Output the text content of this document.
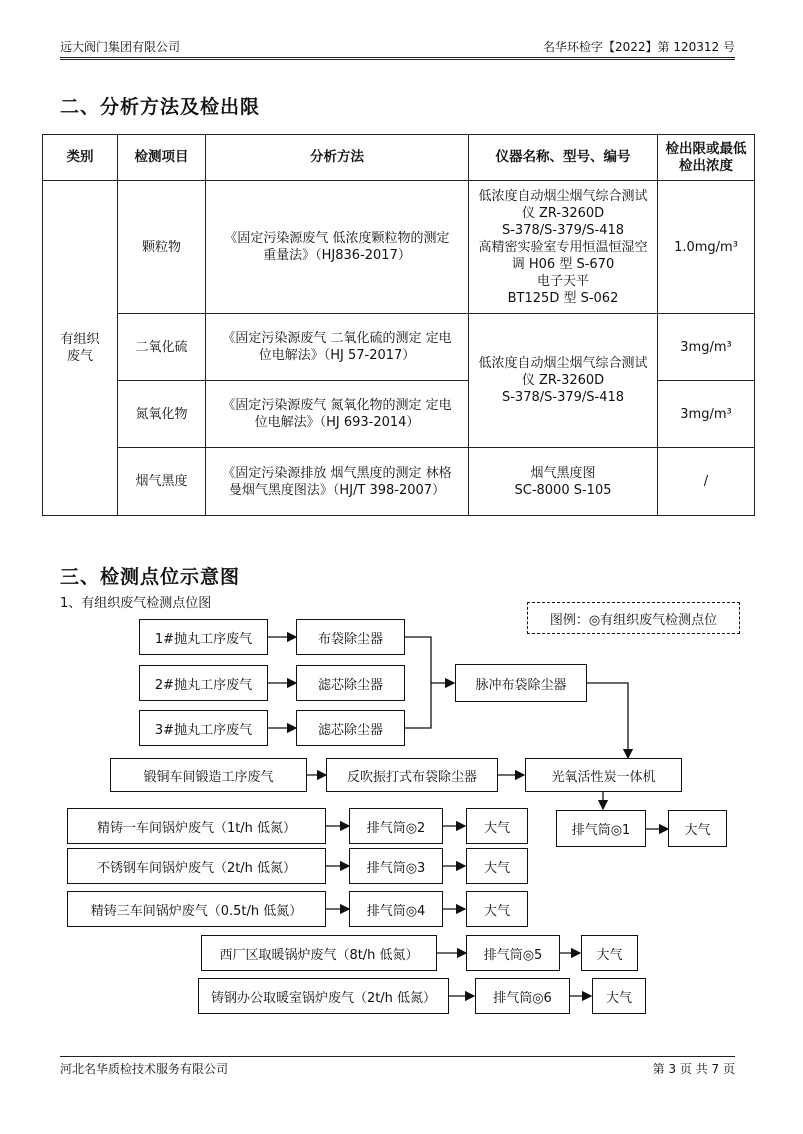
远大阀门集团有限公司	名华环检字【2022】第 120312 号
二、分析方法及检出限
类别	检测项目	分析方法	仪器名称、型号、编号	检出限或最低检出浓度
有组织废气	颗粒物	《固定污染源废气 低浓度颗粒物的测定 重量法》（HJ836-2017）	低浓度自动烟尘烟气综合测试仪 ZR-3260D
S-378/S-379/S-418
高精密实验室专用恒温恒湿空调 H06 型 S-670
电子天平
BT125D 型 S-062	1.0mg/m³
	二氧化硫	《固定污染源废气 二氧化硫的测定 定电位电解法》（HJ 57-2017）	低浓度自动烟尘烟气综合测试仪 ZR-3260D
S-378/S-379/S-418	3mg/m³
	氮氧化物	《固定污染源废气 氮氧化物的测定 定电位电解法》（HJ 693-2014）		3mg/m³
	烟气黑度	《固定污染源排放 烟气黑度的测定 林格曼烟气黑度图法》（HJ/T 398-2007）	烟气黑度图
SC-8000 S-105	/
三、检测点位示意图
1、有组织废气检测点位图
图例：◎有组织废气检测点位
1#抛丸工序废气
2#抛丸工序废气
3#抛丸工序废气
布袋除尘器
滤芯除尘器
滤芯除尘器
脉冲布袋除尘器
锻铜车间锻造工序废气	反吹振打式布袋除尘器	光氧活性炭一体机
排气筒◎1	大气
精铸一车间锅炉废气（1t/h 低氮）	排气筒◎2	大气
不锈钢车间锅炉废气（2t/h 低氮）	排气筒◎3	大气
精铸三车间锅炉废气（0.5t/h 低氮）	排气筒◎4	大气
西厂区取暖锅炉废气（8t/h 低氮）	排气筒◎5	大气
铸钢办公取暖室锅炉废气（2t/h 低氮）	排气筒◎6	大气
河北名华质检技术服务有限公司	第 3 页 共 7 页
